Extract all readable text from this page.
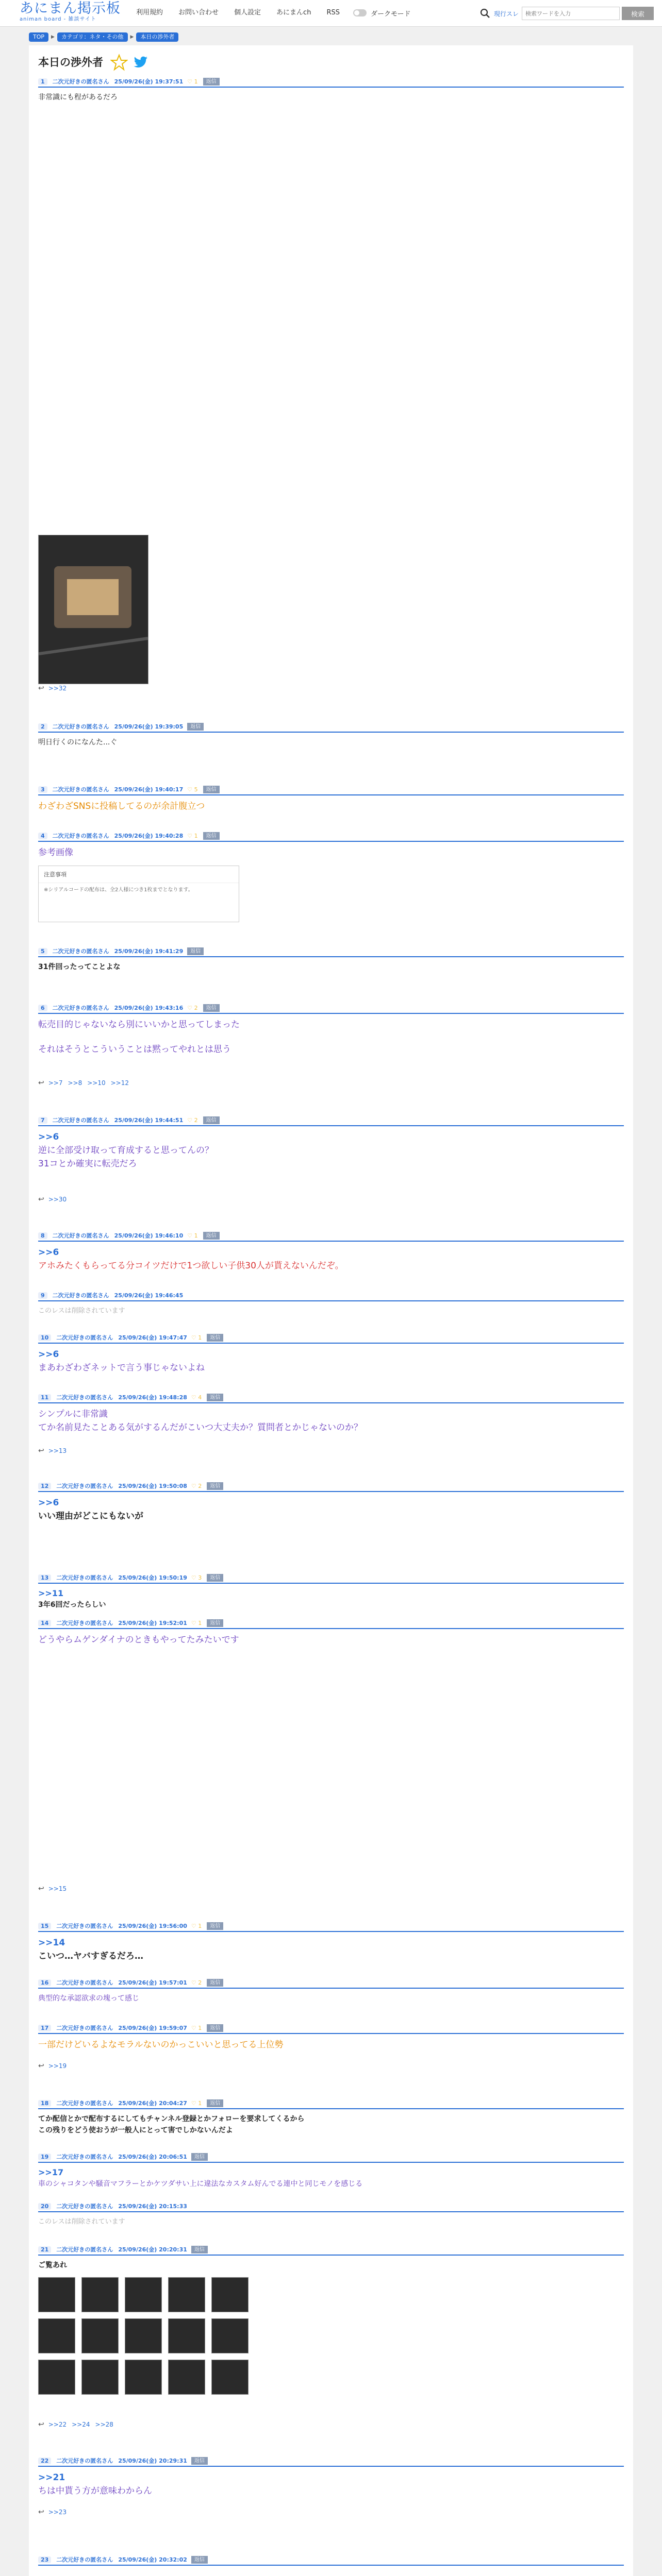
あにまん掲示板
animan board - 雑談サイト
利用規約 お問い合わせ 個人設定 あにまんch RSS	ダークモード	現行スレ
検索ワードを入力	検索
TOP	▶	カテゴリ：ネタ・その他	▶	本日の渉外者
本日の渉外者
1	二次元好きの匿名さん 25/09/26(金) 19:37:51 ♡ 1	返信
非常識にも程があるだろ
↩ >>32
2	二次元好きの匿名さん 25/09/26(金) 19:39:05	返信
明日行くのになんた...ぐ
3	二次元好きの匿名さん 25/09/26(金) 19:40:17 ♡ 5	返信
わざわざSNSに投稿してるのが余計腹立つ
4	二次元好きの匿名さん 25/09/26(金) 19:40:28 ♡ 1	返信
参考画像
注意事項
※シリアルコードの配布は、全2人様につき1枚までとなります。
5	二次元好きの匿名さん 25/09/26(金) 19:41:29	返信
31件回ったってことよな
6	二次元好きの匿名さん 25/09/26(金) 19:43:16 ♡ 2	返信
転売目的じゃないなら別にいいかと思ってしまった
それはそうとこういうことは黙ってやれとは思う
↩ >>7 >>8 >>10 >>12
7	二次元好きの匿名さん 25/09/26(金) 19:44:51 ♡ 2	返信
>>6
逆に全部受け取って育成すると思ってんの？
31コとか確実に転売だろ
↩ >>30
8	二次元好きの匿名さん 25/09/26(金) 19:46:10 ♡ 1	返信
>>6
アホみたくもらってる分コイツだけで1つ欲しい子供30人が貰えないんだぞ。
9	二次元好きの匿名さん 25/09/26(金) 19:46:45
このレスは削除されています
10	二次元好きの匿名さん 25/09/26(金) 19:47:47 ♡ 1	返信
>>6
まあわざわざネットで言う事じゃないよね
11	二次元好きの匿名さん 25/09/26(金) 19:48:28 ♡ 4	返信
シンプルに非常識
てか名前見たことある気がするんだがこいつ大丈夫か？質問者とかじゃないのか？
↩ >>13
12	二次元好きの匿名さん 25/09/26(金) 19:50:08 ♡ 2	返信
>>6
いい理由がどこにもないが
13	二次元好きの匿名さん 25/09/26(金) 19:50:19 ♡ 3	返信
>>11
3年6回だったらしい
14	二次元好きの匿名さん 25/09/26(金) 19:52:01 ♡ 1	返信
どうやらムゲンダイナのときもやってたみたいです
↩ >>15
15	二次元好きの匿名さん 25/09/26(金) 19:56:00 ♡ 1	返信
>>14
こいつ…ヤバすぎるだろ…
16	二次元好きの匿名さん 25/09/26(金) 19:57:01 ♡ 2	返信
典型的な承認欲求の塊って感じ
17	二次元好きの匿名さん 25/09/26(金) 19:59:07 ♡ 1	返信
一部だけどいるよなモラルないのかっこいいと思ってる上位勢
↩ >>19
18	二次元好きの匿名さん 25/09/26(金) 20:04:27 ♡ 1	返信
てか配信とかで配布するにしてもチャンネル登録とかフォローを要求してくるから
この残りをどう使おうが一般人にとって害でしかないんだよ
19	二次元好きの匿名さん 25/09/26(金) 20:06:51	返信
>>17
車のシャコタンや騒音マフラーとかケツダサい上に違法なカスタム好んでる連中と同じモノを感じる
20	二次元好きの匿名さん 25/09/26(金) 20:15:33
このレスは削除されています
21	二次元好きの匿名さん 25/09/26(金) 20:20:31	返信
ご覧あれ
↩ >>22 >>24 >>28
22	二次元好きの匿名さん 25/09/26(金) 20:29:31	返信
>>21
ちは中貰う方が意味わからん
↩ >>23
23	二次元好きの匿名さん 25/09/26(金) 20:32:02	返信
